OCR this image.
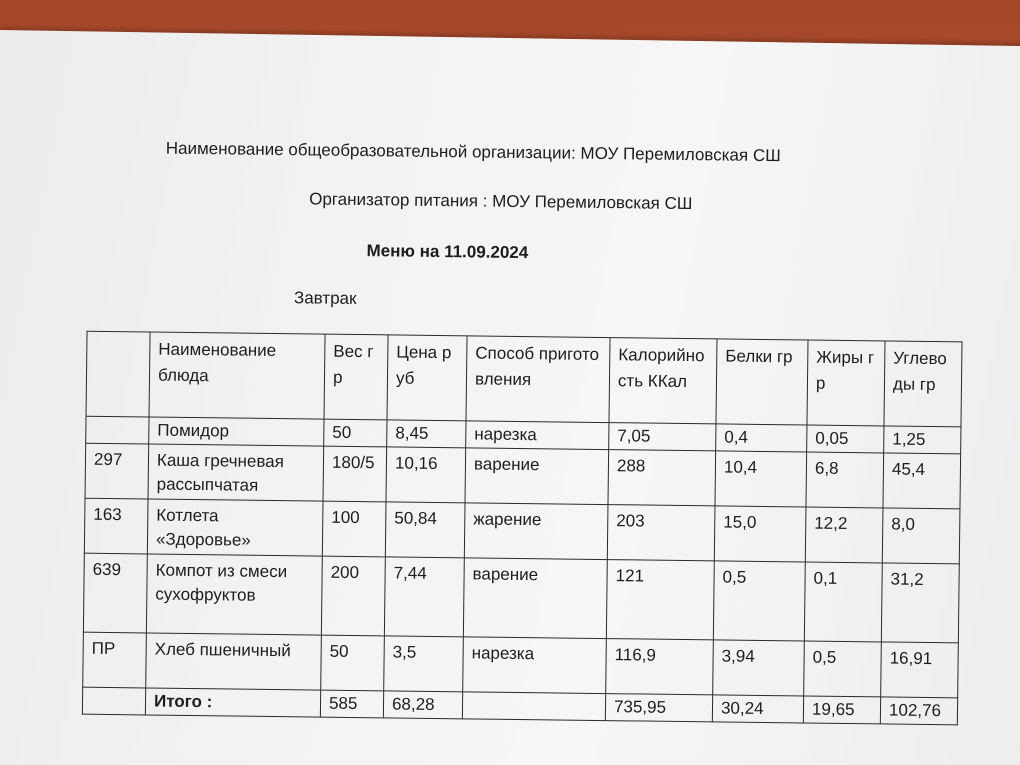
Наименование общеобразовательной организации: МОУ Перемиловская СШ
Организатор питания : МОУ Перемиловская СШ
Меню на 11.09.2024
Завтрак
	Наименование блюда	Вес гр	Цена руб	Способ приготовления	Калорийность ККал	Белки гр	Жиры гр	Углеводы гр
	Помидор	50	8,45	нарезка	7,05	0,4	0,05	1,25
297	Каша гречневая рассыпчатая	180/5	10,16	варение	288	10,4	6,8	45,4
163	Котлета «Здоровье»	100	50,84	жарение	203	15,0	12,2	8,0
639	Компот из смеси сухофруктов	200	7,44	варение	121	0,5	0,1	31,2
ПР	Хлеб пшеничный	50	3,5	нарезка	116,9	3,94	0,5	16,91
	Итого :	585	68,28		735,95	30,24	19,65	102,76
